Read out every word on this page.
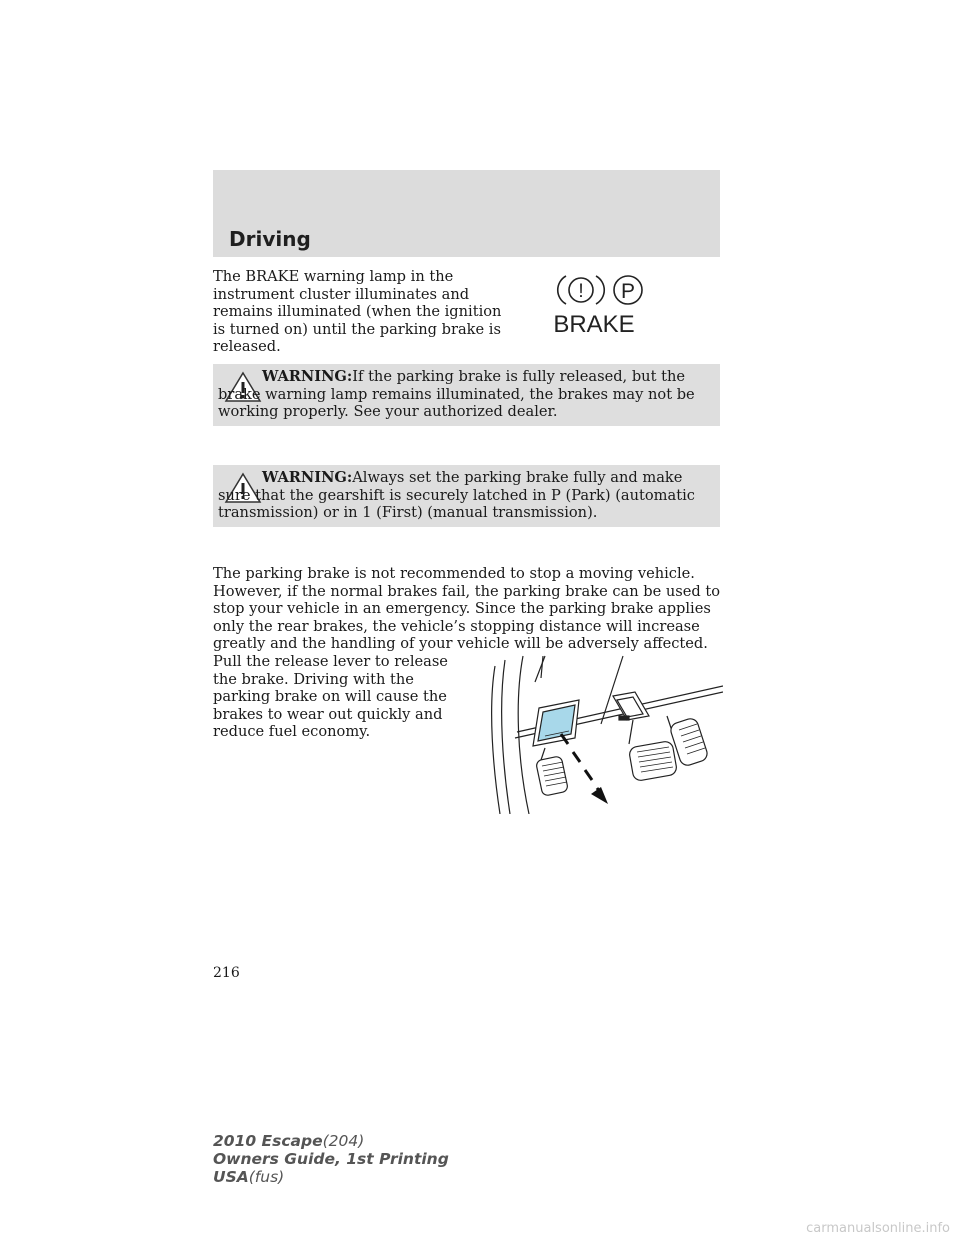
Driving

The BRAKE warning lamp in the instrument cluster illuminates and remains illuminated (when the ignition is turned on) until the parking brake is released.

! P
BRAKE

WARNING:If the parking brake is fully released, but the brake warning lamp remains illuminated, the brakes may not be working properly. See your authorized dealer.

WARNING:Always set the parking brake fully and make sure that the gearshift is securely latched in P (Park) (automatic transmission) or in 1 (First) (manual transmission).

The parking brake is not recommended to stop a moving vehicle. However, if the normal brakes fail, the parking brake can be used to stop your vehicle in an emergency. Since the parking brake applies only the rear brakes, the vehicle’s stopping distance will increase greatly and the handling of your vehicle will be adversely affected.

Pull the release lever to release the brake. Driving with the parking brake on will cause the brakes to wear out quickly and reduce fuel economy.

216
2010 Escape(204)
Owners Guide, 1st Printing
USA(fus)
carmanualsonline.info
